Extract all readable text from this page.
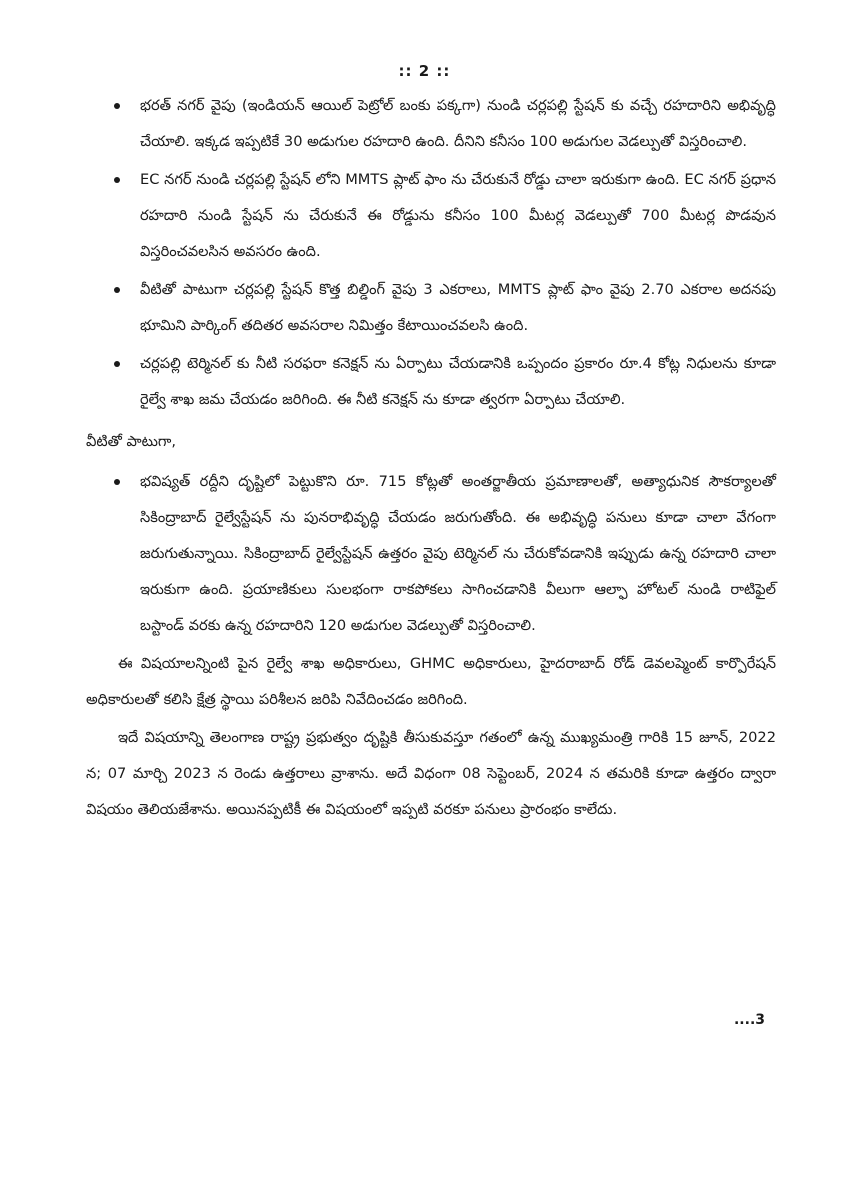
:: 2 ::
భరత్ నగర్ వైపు (ఇండియన్ ఆయిల్ పెట్రోల్ బంకు పక్కగా) నుండి చర్లపల్లి స్టేషన్ కు వచ్చే రహదారిని అభివృద్ధి చేయాలి. ఇక్కడ ఇప్పటికే 30 అడుగుల రహదారి ఉంది. దీనిని కనీసం 100 అడుగుల వెడల్పుతో విస్తరించాలి.
EC నగర్ నుండి చర్లపల్లి స్టేషన్ లోని MMTS ప్లాట్ ఫాం ను చేరుకునే రోడ్డు చాలా ఇరుకుగా ఉంది. EC నగర్ ప్రధాన రహదారి నుండి స్టేషన్ ను చేరుకునే ఈ రోడ్డును కనీసం 100 మీటర్ల వెడల్పుతో 700 మీటర్ల పొడవున విస్తరించవలసిన అవసరం ఉంది.
వీటితో పాటుగా చర్లపల్లి స్టేషన్ కొత్త బిల్డింగ్ వైపు 3 ఎకరాలు, MMTS ప్లాట్ ఫాం వైపు 2.70 ఎకరాల అదనపు భూమిని పార్కింగ్ తదితర అవసరాల నిమిత్తం కేటాయించవలసి ఉంది.
చర్లపల్లి టెర్మినల్ కు నీటి సరఫరా కనెక్షన్ ను ఏర్పాటు చేయడానికి ఒప్పందం ప్రకారం రూ.4 కోట్ల నిధులను కూడా రైల్వే శాఖ జమ చేయడం జరిగింది. ఈ నీటి కనెక్షన్ ను కూడా త్వరగా ఏర్పాటు చేయాలి.

వీటితో పాటుగా,

భవిష్యత్ రద్దీని దృష్టిలో పెట్టుకొని రూ. 715 కోట్లతో అంతర్జాతీయ ప్రమాణాలతో, అత్యాధునిక సౌకర్యాలతో సికింద్రాబాద్ రైల్వేస్టేషన్ ను పునరాభివృద్ధి చేయడం జరుగుతోంది. ఈ అభివృద్ధి పనులు కూడా చాలా వేగంగా జరుగుతున్నాయి. సికింద్రాబాద్ రైల్వేస్టేషన్ ఉత్తరం వైపు టెర్మినల్ ను చేరుకోవడానికి ఇప్పుడు ఉన్న రహదారి చాలా ఇరుకుగా ఉంది. ప్రయాణికులు సులభంగా రాకపోకలు సాగించడానికి వీలుగా ఆల్ఫా హోటల్ నుండి రాటిఫైల్ బస్టాండ్ వరకు ఉన్న రహదారిని 120 అడుగుల వెడల్పుతో విస్తరించాలి.

ఈ విషయాలన్నింటి పైన రైల్వే శాఖ అధికారులు, GHMC అధికారులు, హైదరాబాద్ రోడ్ డెవలప్మెంట్ కార్పొరేషన్ అధికారులతో కలిసి క్షేత్ర స్థాయి పరిశీలన జరిపి నివేదించడం జరిగింది.

ఇదే విషయాన్ని తెలంగాణ రాష్ట్ర ప్రభుత్వం దృష్టికి తీసుకువస్తూ గతంలో ఉన్న ముఖ్యమంత్రి గారికి 15 జూన్, 2022 న; 07 మార్చి 2023 న రెండు ఉత్తరాలు వ్రాశాను. అదే విధంగా 08 సెప్టెంబర్, 2024 న తమరికి కూడా ఉత్తరం ద్వారా విషయం తెలియజేశాను. అయినప్పటికీ ఈ విషయంలో ఇప్పటి వరకూ పనులు ప్రారంభం కాలేదు.

....3
